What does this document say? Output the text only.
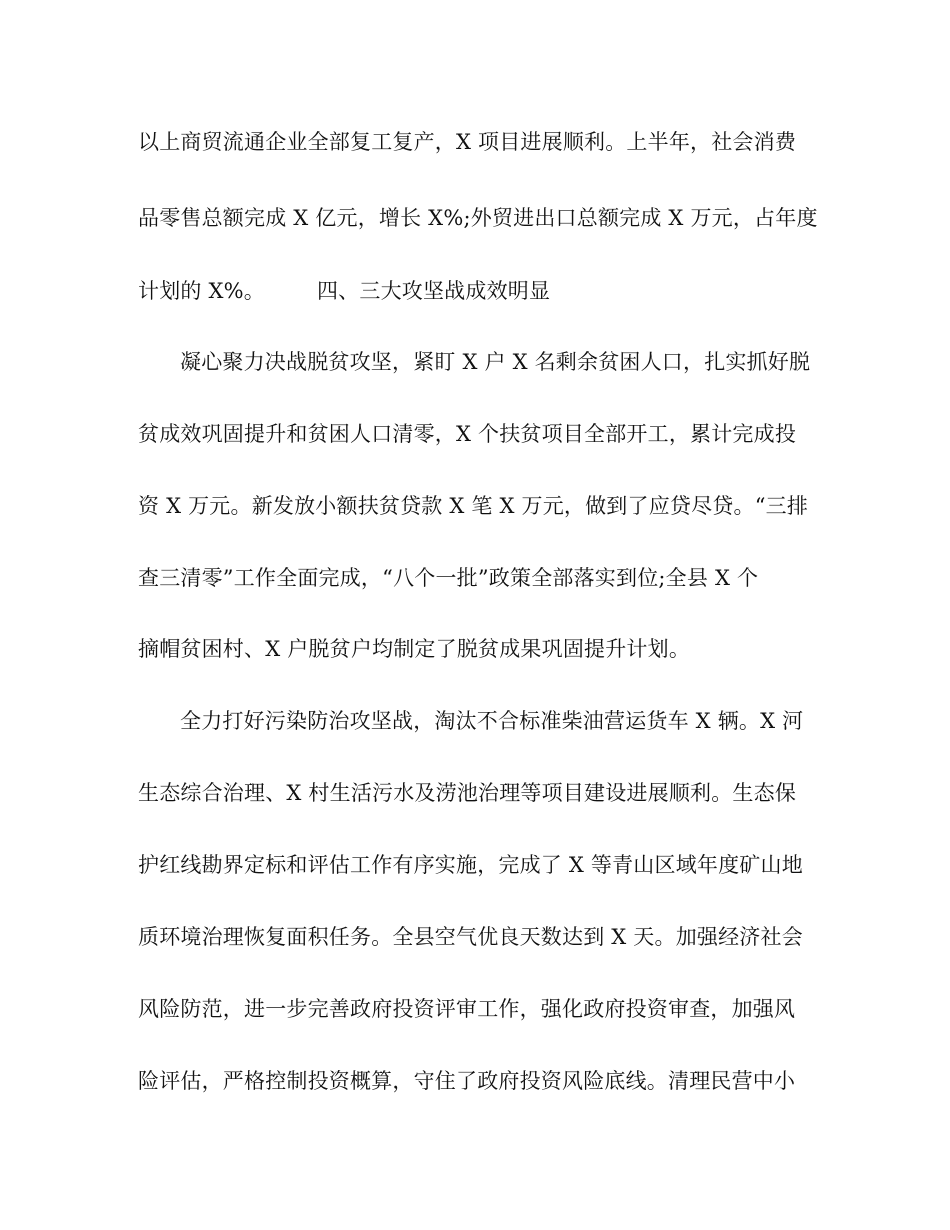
以上商贸流通企业全部复工复产，X 项目进展顺利。上半年，社会消费
品零售总额完成 X 亿元，增长 X%;外贸进出口总额完成 X 万元，占年度
计划的 X%。 四、三大攻坚战成效明显
凝心聚力决战脱贫攻坚，紧盯 X 户 X 名剩余贫困人口，扎实抓好脱
贫成效巩固提升和贫困人口清零，X 个扶贫项目全部开工，累计完成投
资 X 万元。新发放小额扶贫贷款 X 笔 X 万元，做到了应贷尽贷。“三排
查三清零”工作全面完成，“八个一批”政策全部落实到位;全县 X 个
摘帽贫困村、X 户脱贫户均制定了脱贫成果巩固提升计划。
全力打好污染防治攻坚战，淘汰不合标准柴油营运货车 X 辆。X 河
生态综合治理、X 村生活污水及涝池治理等项目建设进展顺利。生态保
护红线勘界定标和评估工作有序实施，完成了 X 等青山区域年度矿山地
质环境治理恢复面积任务。全县空气优良天数达到 X 天。加强经济社会
风险防范，进一步完善政府投资评审工作，强化政府投资审查，加强风
险评估，严格控制投资概算，守住了政府投资风险底线。清理民营中小
